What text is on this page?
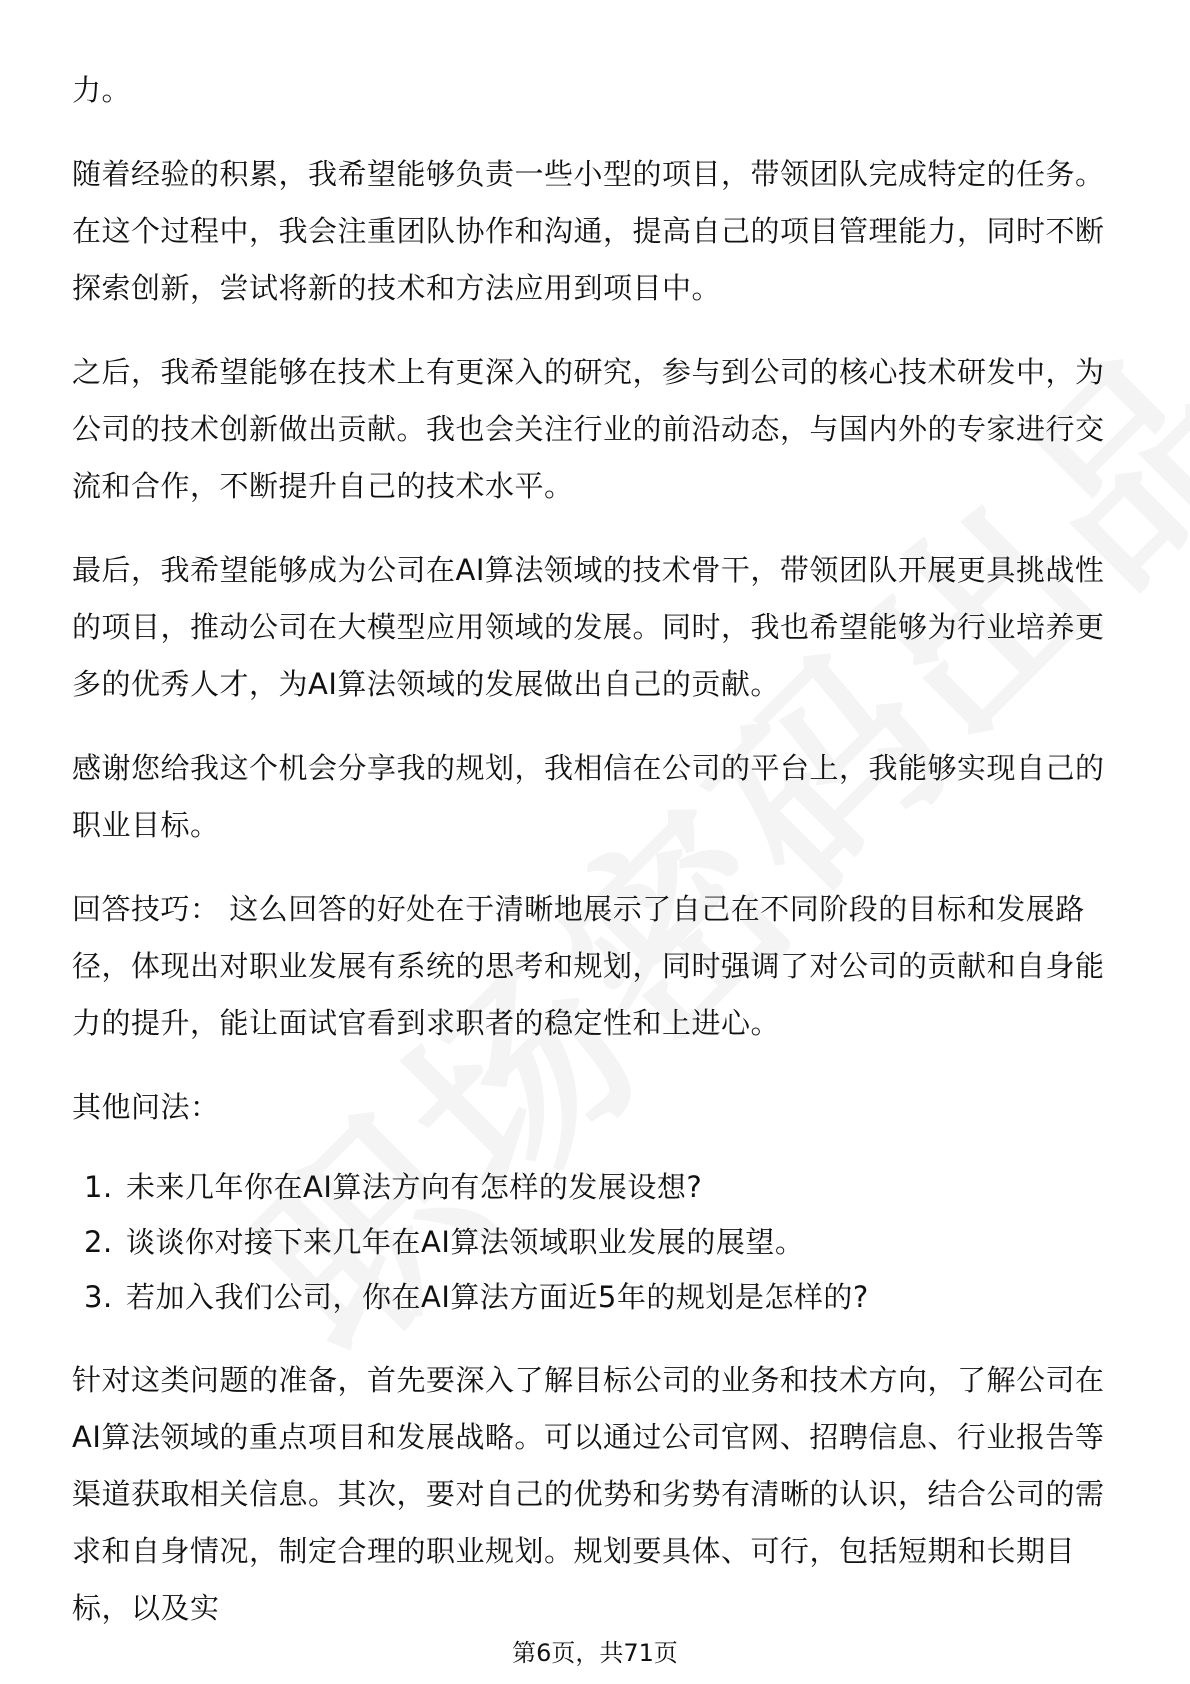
力。

随着经验的积累，我希望能够负责一些小型的项目，带领团队完成特定的任务。在这个过程中，我会注重团队协作和沟通，提高自己的项目管理能力，同时不断探索创新，尝试将新的技术和方法应用到项目中。

之后，我希望能够在技术上有更深入的研究，参与到公司的核心技术研发中，为公司的技术创新做出贡献。我也会关注行业的前沿动态，与国内外的专家进行交流和合作，不断提升自己的技术水平。

最后，我希望能够成为公司在AI算法领域的技术骨干，带领团队开展更具挑战性的项目，推动公司在大模型应用领域的发展。同时，我也希望能够为行业培养更多的优秀人才，为AI算法领域的发展做出自己的贡献。

感谢您给我这个机会分享我的规划，我相信在公司的平台上，我能够实现自己的职业目标。

回答技巧： 这么回答的好处在于清晰地展示了自己在不同阶段的目标和发展路径，体现出对职业发展有系统的思考和规划，同时强调了对公司的贡献和自身能力的提升，能让面试官看到求职者的稳定性和上进心。

其他问法：

1. 未来几年你在AI算法方向有怎样的发展设想?
2. 谈谈你对接下来几年在AI算法领域职业发展的展望。
3. 若加入我们公司，你在AI算法方面近5年的规划是怎样的?

针对这类问题的准备，首先要深入了解目标公司的业务和技术方向，了解公司在AI算法领域的重点项目和发展战略。可以通过公司官网、招聘信息、行业报告等渠道获取相关信息。其次，要对自己的优势和劣势有清晰的认识，结合公司的需求和自身情况，制定合理的职业规划。规划要具体、可行，包括短期和长期目标，以及实

第6页，共71页
